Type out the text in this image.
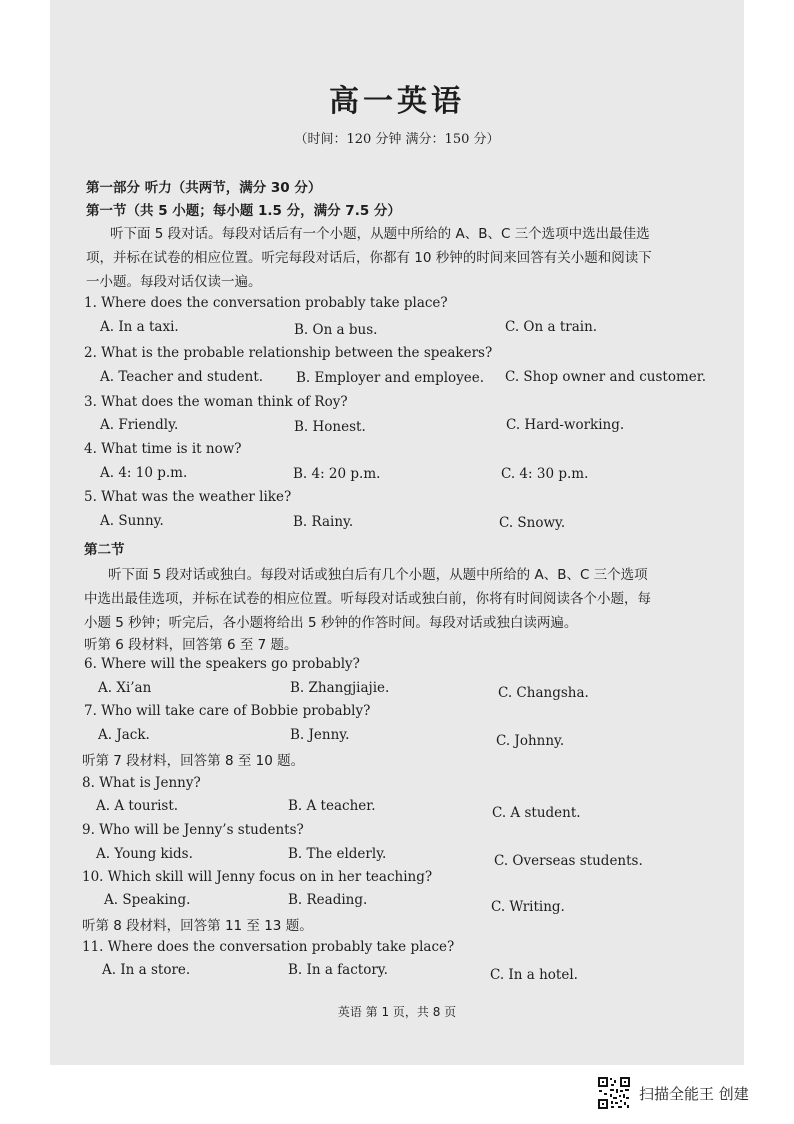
高一英语
（时间：120 分钟 满分：150 分）
第一部分 听力（共两节，满分 30 分）
第一节（共 5 小题；每小题 1.5 分，满分 7.5 分）
听下面 5 段对话。每段对话后有一个小题，从题中所给的 A、B、C 三个选项中选出最佳选
项，并标在试卷的相应位置。听完每段对话后，你都有 10 秒钟的时间来回答有关小题和阅读下
一小题。每段对话仅读一遍。
1. Where does the conversation probably take place?
A. In a taxi.	B. On a bus.	C. On a train.
2. What is the probable relationship between the speakers?
A. Teacher and student. B. Employer and employee. C. Shop owner and customer.
3. What does the woman think of Roy?
A. Friendly.	B. Honest.	C. Hard-working.
4. What time is it now?
A. 4: 10 p.m.	B. 4: 20 p.m.	C. 4: 30 p.m.
5. What was the weather like?
A. Sunny.	B. Rainy.	C. Snowy.
第二节
听下面 5 段对话或独白。每段对话或独白后有几个小题，从题中所给的 A、B、C 三个选项
中选出最佳选项，并标在试卷的相应位置。听每段对话或独白前，你将有时间阅读各个小题，每
小题 5 秒钟；听完后，各小题将给出 5 秒钟的作答时间。每段对话或独白读两遍。
听第 6 段材料，回答第 6 至 7 题。
6. Where will the speakers go probably?
A. Xi’an	B. Zhangjiajie.	C. Changsha.
7. Who will take care of Bobbie probably?
A. Jack.	B. Jenny.	C. Johnny.
听第 7 段材料，回答第 8 至 10 题。
8. What is Jenny?
A. A tourist.	B. A teacher.	C. A student.
9. Who will be Jenny’s students?
A. Young kids.	B. The elderly.	C. Overseas students.
10. Which skill will Jenny focus on in her teaching?
A. Speaking.	B. Reading.	C. Writing.
听第 8 段材料，回答第 11 至 13 题。
11. Where does the conversation probably take place?
A. In a store.	B. In a factory.	C. In a hotel.
英语 第 1 页，共 8 页
扫描全能王 创建
